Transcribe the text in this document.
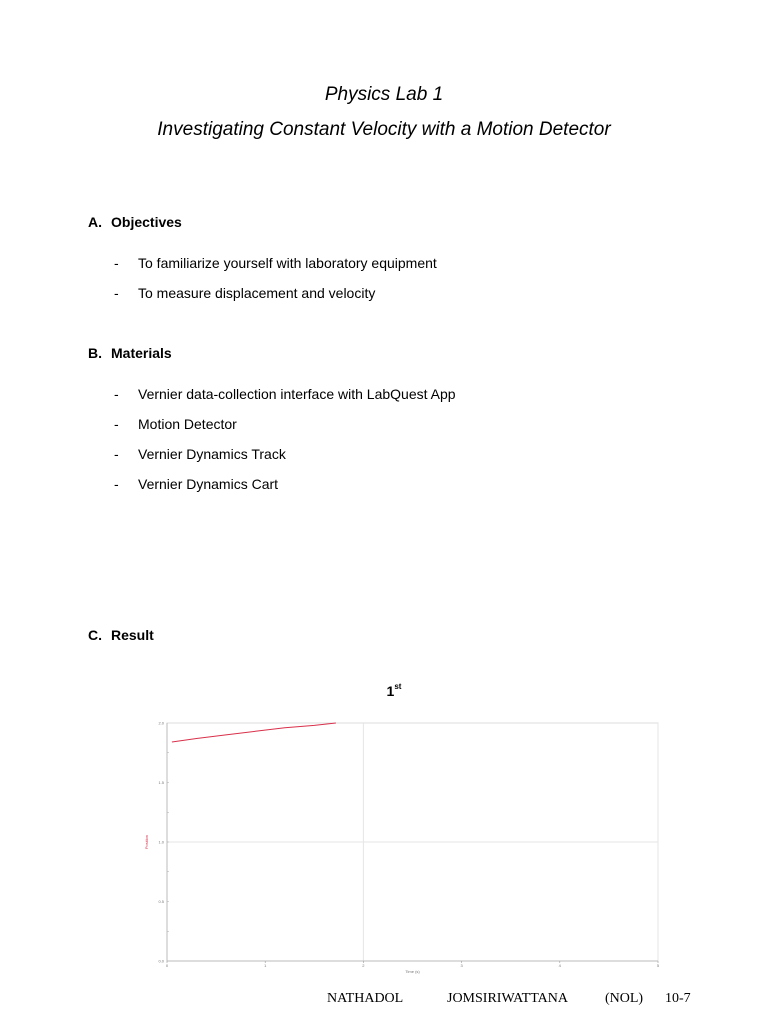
Physics Lab 1
Investigating Constant Velocity with a Motion Detector
A. Objectives
- To familiarize yourself with laboratory equipment
- To measure displacement and velocity
B. Materials
- Vernier data-collection interface with LabQuest App
- Motion Detector
- Vernier Dynamics Track
- Vernier Dynamics Cart
C. Result
1st
0	1	2	3	4	5
2.0
1.5
1.0
0.5
0.0
Time (s)
Position
NATHADOL	JOMSIRIWATTANA	(NOL) 10-7
